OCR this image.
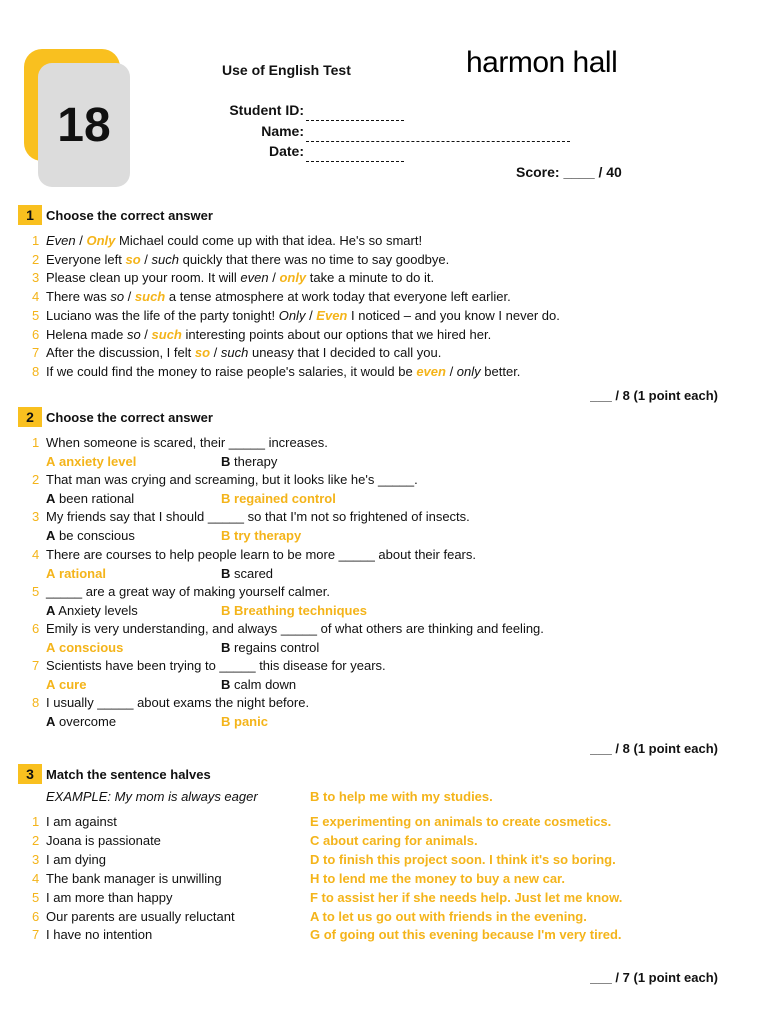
18
Use of English Test	harmon hall
Student ID:
Name:
Date:
Score: ____ / 40
1 Choose the correct answer
1 Even / Only Michael could come up with that idea. He's so smart!
2 Everyone left so / such quickly that there was no time to say goodbye.
3 Please clean up your room. It will even / only take a minute to do it.
4 There was so / such a tense atmosphere at work today that everyone left earlier.
5 Luciano was the life of the party tonight! Only / Even I noticed – and you know I never do.
6 Helena made so / such interesting points about our options that we hired her.
7 After the discussion, I felt so / such uneasy that I decided to call you.
8 If we could find the money to raise people's salaries, it would be even / only better.
___ / 8 (1 point each)
2 Choose the correct answer
1 When someone is scared, their _____ increases.
A anxiety level	B therapy
2 That man was crying and screaming, but it looks like he's _____.
A been rational	B regained control
3 My friends say that I should _____ so that I'm not so frightened of insects.
A be conscious	B try therapy
4 There are courses to help people learn to be more _____ about their fears.
A rational	B scared
5 _____ are a great way of making yourself calmer.
A Anxiety levels	B Breathing techniques
6 Emily is very understanding, and always _____ of what others are thinking and feeling.
A conscious	B regains control
7 Scientists have been trying to _____ this disease for years.
A cure	B calm down
8 I usually _____ about exams the night before.
A overcome	B panic
___ / 8 (1 point each)
3 Match the sentence halves
EXAMPLE: My mom is always eager	B to help me with my studies.
1 I am against	E experimenting on animals to create cosmetics.
2 Joana is passionate	C about caring for animals.
3 I am dying	D to finish this project soon. I think it's so boring.
4 The bank manager is unwilling	H to lend me the money to buy a new car.
5 I am more than happy	F to assist her if she needs help. Just let me know.
6 Our parents are usually reluctant	A to let us go out with friends in the evening.
7 I have no intention	G of going out this evening because I'm very tired.
___ / 7 (1 point each)
